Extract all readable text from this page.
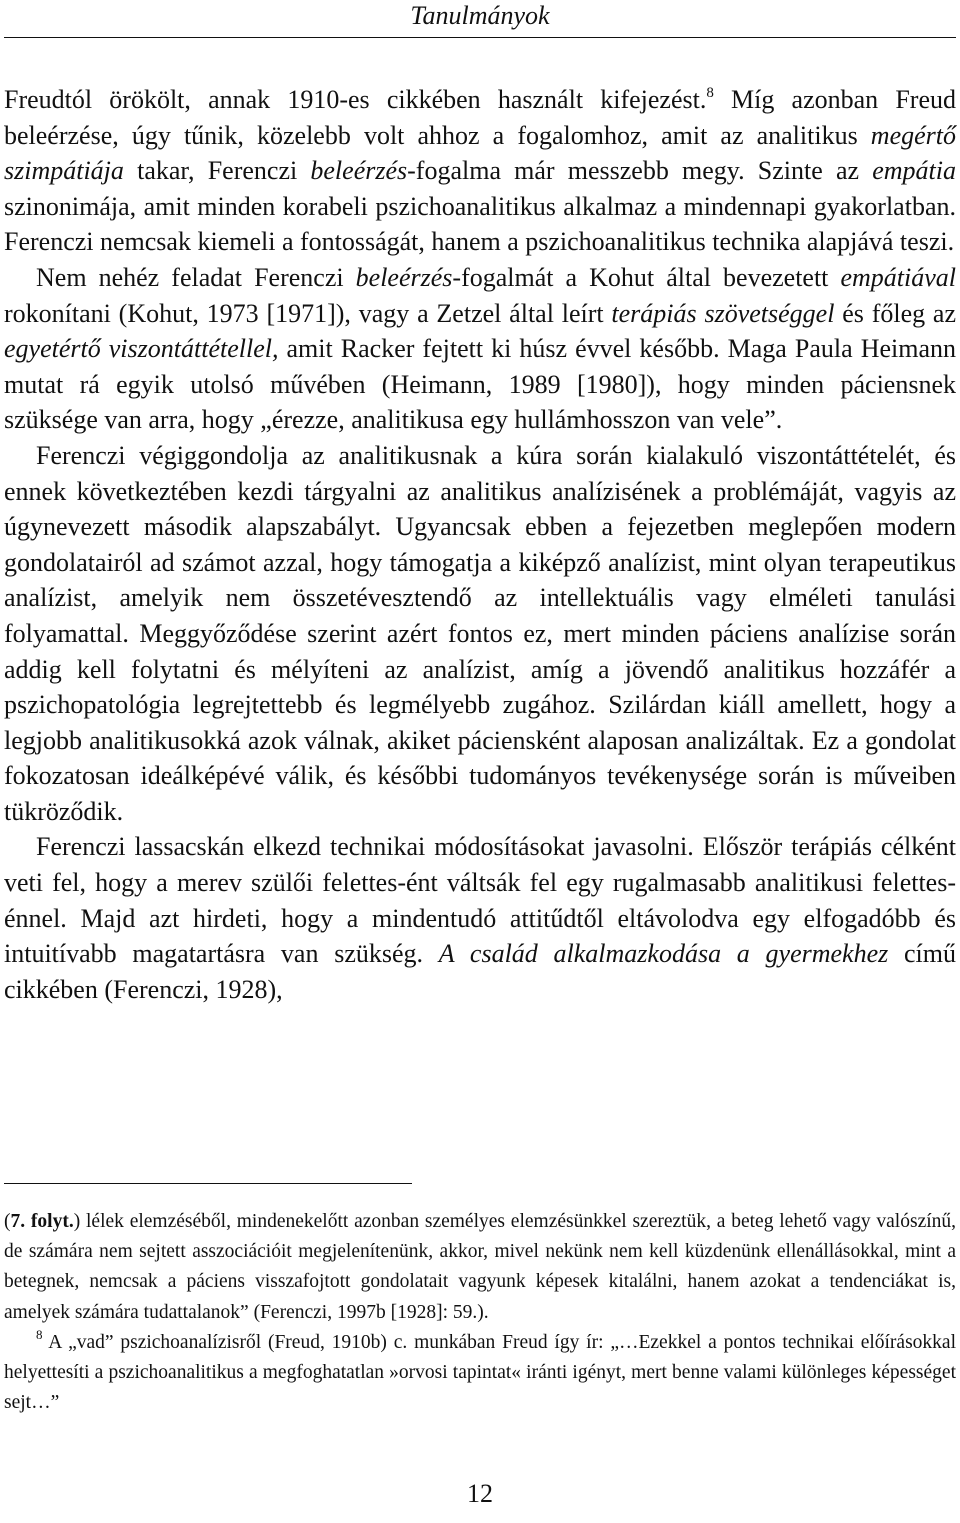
Tanulmányok

Freudtól örökölt, annak 1910-es cikkében használt kifejezést.$^8$ Míg azonban Freud beleérzése, úgy tűnik, közelebb volt ahhoz a fogalomhoz, amit az analitikus megértő szimpátiája takar, Ferenczi beleérzés-fogalma már messzebb megy. Szinte az empátia szinonimája, amit minden korabeli pszichoanalitikus alkalmaz a mindennapi gyakorlatban. Ferenczi nemcsak kiemeli a fontosságát, hanem a pszichoanalitikus technika alapjává teszi.

Nem nehéz feladat Ferenczi beleérzés-fogalmát a Kohut által bevezetett empátiával rokonítani (Kohut, 1973 [1971]), vagy a Zetzel által leírt terápiás szövetséggel és főleg az egyetértő viszontáttétellel, amit Racker fejtett ki húsz évvel később. Maga Paula Heimann mutat rá egyik utolsó művében (Heimann, 1989 [1980]), hogy minden páciensnek szüksége van arra, hogy „érezze, analitikusa egy hullámhosszon van vele”.

Ferenczi végiggondolja az analitikusnak a kúra során kialakuló viszontáttételét, és ennek következtében kezdi tárgyalni az analitikus analízisének a problémáját, vagyis az úgynevezett második alapszabályt. Ugyancsak ebben a fejezetben meglepően modern gondolatairól ad számot azzal, hogy támogatja a kiképző analízist, mint olyan terapeutikus analízist, amelyik nem összetévesztendő az intellektuális vagy elméleti tanulási folyamattal. Meggyőződése szerint azért fontos ez, mert minden páciens analízise során addig kell folytatni és mélyíteni az analízist, amíg a jövendő analitikus hozzáfér a pszichopatológia legrejtettebb és legmélyebb zugához. Szilárdan kiáll amellett, hogy a legjobb analitikusokká azok válnak, akiket páciensként alaposan analizáltak. Ez a gondolat fokozatosan ideálképévé válik, és későbbi tudományos tevékenysége során is műveiben tükröződik.

Ferenczi lassacskán elkezd technikai módosításokat javasolni. Először terápiás célként veti fel, hogy a merev szülői felettes-ént váltsák fel egy rugalmasabb analitikusi felettes-énnel. Majd azt hirdeti, hogy a mindentudó attitűdtől eltávolodva egy elfogadóbb és intuitívabb magatartásra van szükség. A család alkalmazkodása a gyermekhez című cikkében (Ferenczi, 1928),

(7. folyt.) lélek elemzéséből, mindenekelőtt azonban személyes elemzésünkkel szereztük, a beteg lehető vagy valószínű, de számára nem sejtett asszociációit megjelenítenünk, akkor, mivel nekünk nem kell küzdenünk ellenállásokkal, mint a betegnek, nemcsak a páciens visszafojtott gondolatait vagyunk képesek kitalálni, hanem azokat a tendenciákat is, amelyek számára tudattalanok” (Ferenczi, 1997b [1928]: 59.).

$^8$ A „vad” pszichoanalízisről (Freud, 1910b) c. munkában Freud így ír: „…Ezekkel a pontos technikai előírásokkal helyettesíti a pszichoanalitikus a megfoghatatlan »orvosi tapintat« iránti igényt, mert benne valami különleges képességet sejt…”

12
